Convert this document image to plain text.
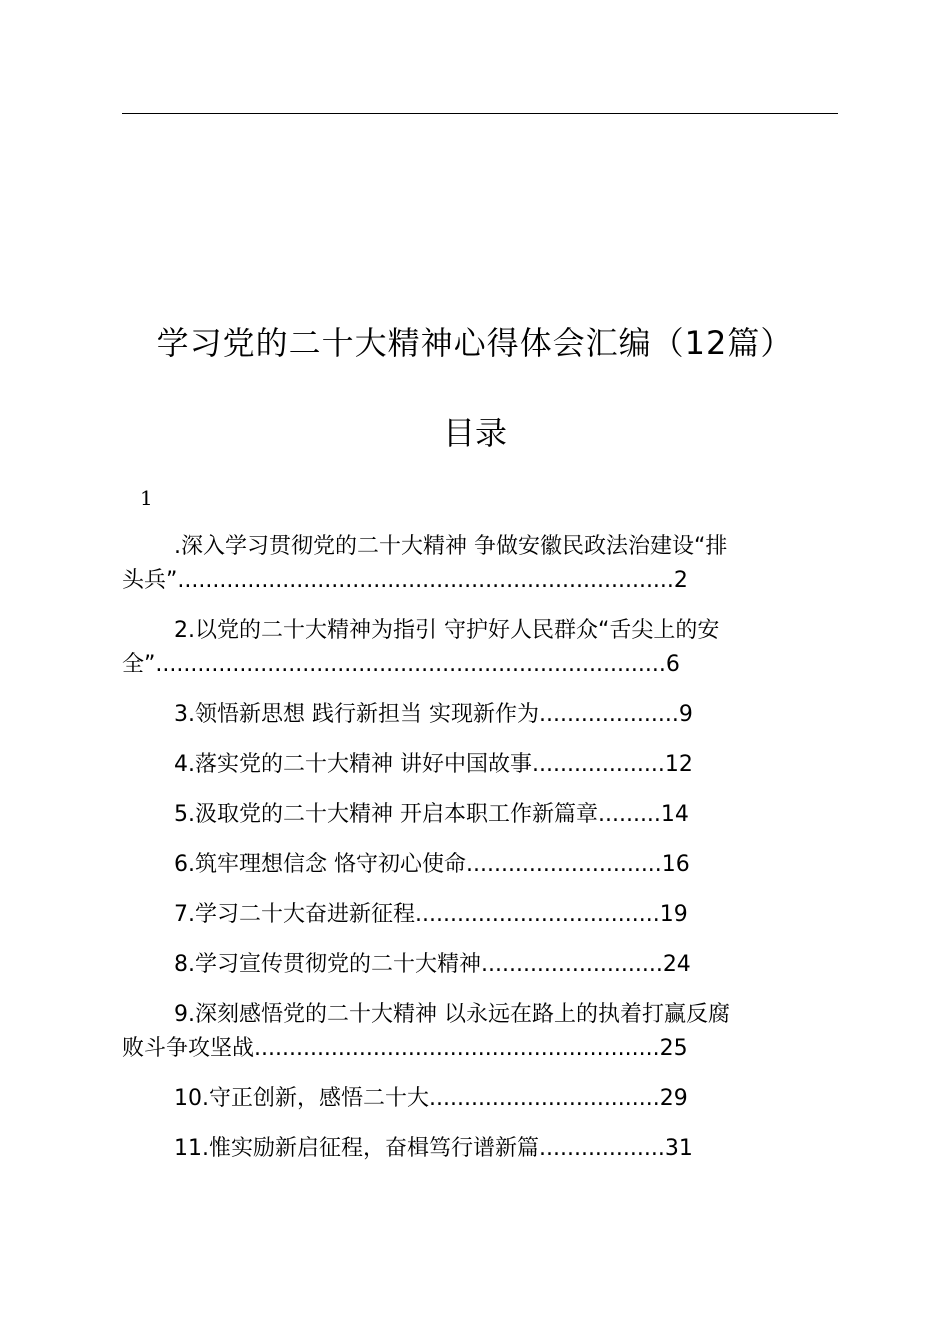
学习党的二十大精神心得体会汇编（12篇）
目录
1
.深入学习贯彻党的二十大精神 争做安徽民政法治建设“排
头兵”.......................................................................2
2.以党的二十大精神为指引 守护好人民群众“舌尖上的安
全”.........................................................................6
3.领悟新思想 践行新担当 实现新作为....................9
4.落实党的二十大精神 讲好中国故事...................12
5.汲取党的二十大精神 开启本职工作新篇章.........14
6.筑牢理想信念 恪守初心使命............................16
7.学习二十大奋进新征程...................................19
8.学习宣传贯彻党的二十大精神..........................24
9.深刻感悟党的二十大精神 以永远在路上的执着打赢反腐
败斗争攻坚战..........................................................25
10.守正创新，感悟二十大.................................29
11.惟实励新启征程，奋楫笃行谱新篇..................31
